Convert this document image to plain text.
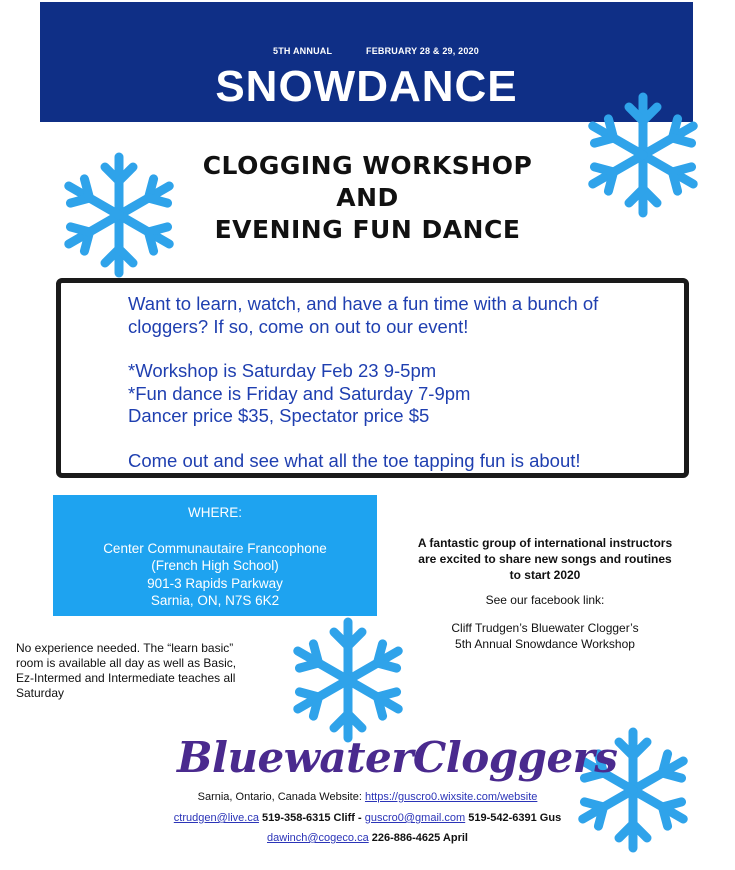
5TH ANNUAL	FEBRUARY 28 & 29, 2020
SNOWDANCE
CLOGGING WORKSHOP
AND
EVENING FUN DANCE

Want to learn, watch, and have a fun time with a bunch of

cloggers? If so, come on out to our event!

*Workshop is Saturday Feb 23 9-5pm

*Fun dance is Friday and Saturday 7-9pm

Dancer price $35, Spectator price $5

Come out and see what all the toe tapping fun is about!

WHERE:
Center Communautaire Francophone
(French High School)
901-3 Rapids Parkway
Sarnia, ON, N7S 6K2
A fantastic group of international instructors
are excited to share new songs and routines
to start 2020
See our facebook link:
Cliff Trudgen’s Bluewater Clogger’s
5th Annual Snowdance Workshop
No experience needed. The “learn basic”
room is available all day as well as Basic,
Ez-Intermed and Intermediate teaches all
Saturday
BluewaterCloggers
Sarnia, Ontario, Canada Website: https://guscro0.wixsite.com/website
ctrudgen@live.ca 519-358-6315 Cliff - guscro0@gmail.com 519-542-6391 Gus
dawinch@cogeco.ca 226-886-4625 April
